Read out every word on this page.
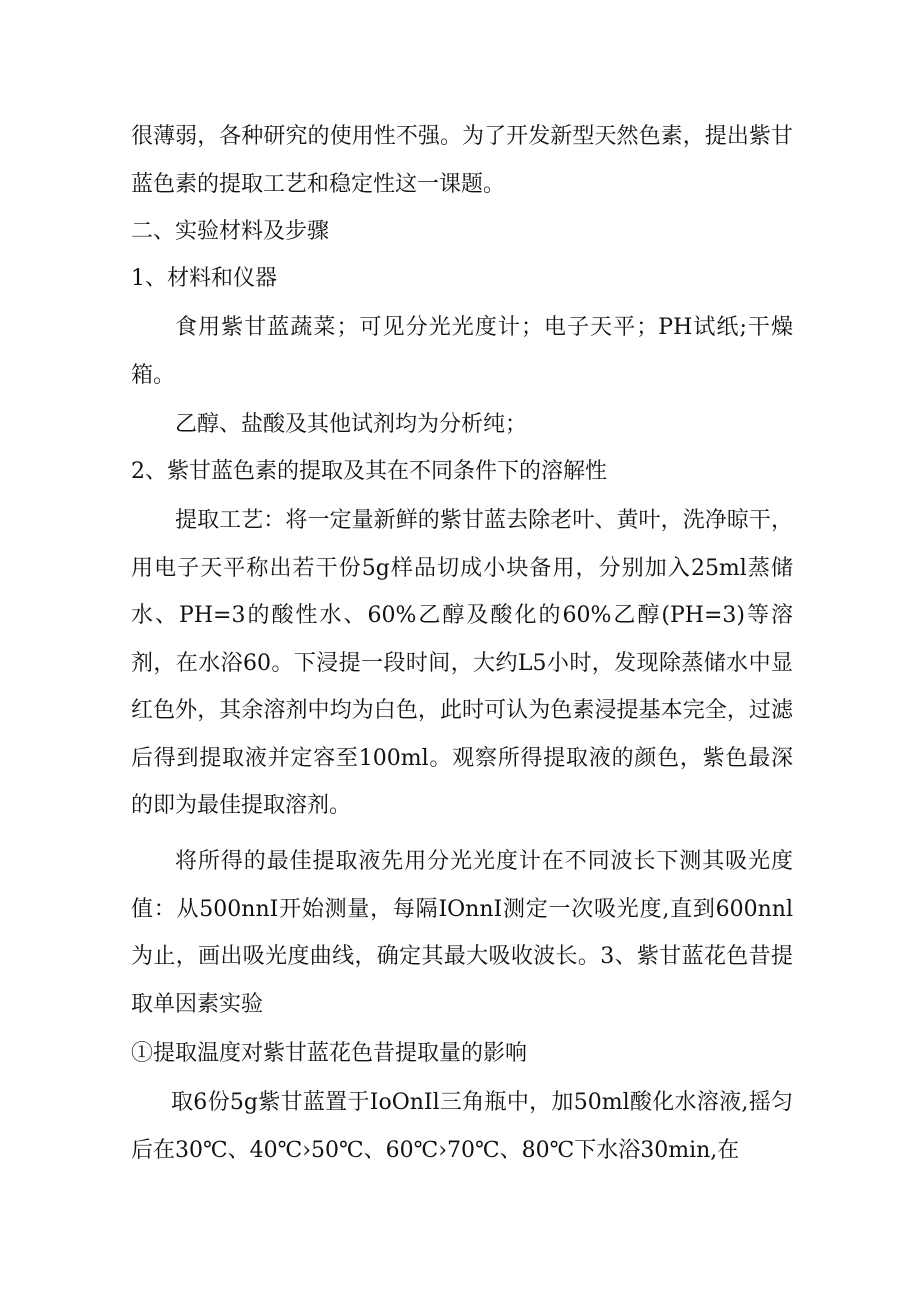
很薄弱，各种研究的使用性不强。为了开发新型天然色素，提出紫甘蓝色素的提取工艺和稳定性这一课题。

二、实验材料及步骤
1、材料和仪器

食用紫甘蓝蔬菜；可见分光光度计；电子天平；PH试纸;干燥箱。

乙醇、盐酸及其他试剂均为分析纯；

2、紫甘蓝色素的提取及其在不同条件下的溶解性

提取工艺：将一定量新鲜的紫甘蓝去除老叶、黄叶，洗净晾干，用电子天平称出若干份5g样品切成小块备用，分别加入25ml蒸储水、PH=3的酸性水、60%乙醇及酸化的60%乙醇(PH=3)等溶剂，在水浴60。下浸提一段时间，大约L5小时，发现除蒸储水中显红色外，其余溶剂中均为白色，此时可认为色素浸提基本完全，过滤后得到提取液并定容至100ml。观察所得提取液的颜色，紫色最深的即为最佳提取溶剂。

将所得的最佳提取液先用分光光度计在不同波长下测其吸光度值：从500nnI开始测量，每隔IOnnI测定一次吸光度,直到600nnl为止，画出吸光度曲线，确定其最大吸收波长。3、紫甘蓝花色昔提取单因素实验

①提取温度对紫甘蓝花色昔提取量的影响

取6份5g紫甘蓝置于IoOnIl三角瓶中，加50ml酸化水溶液,摇匀后在30℃、40℃›50℃、60℃›70℃、80℃下水浴30min,在
